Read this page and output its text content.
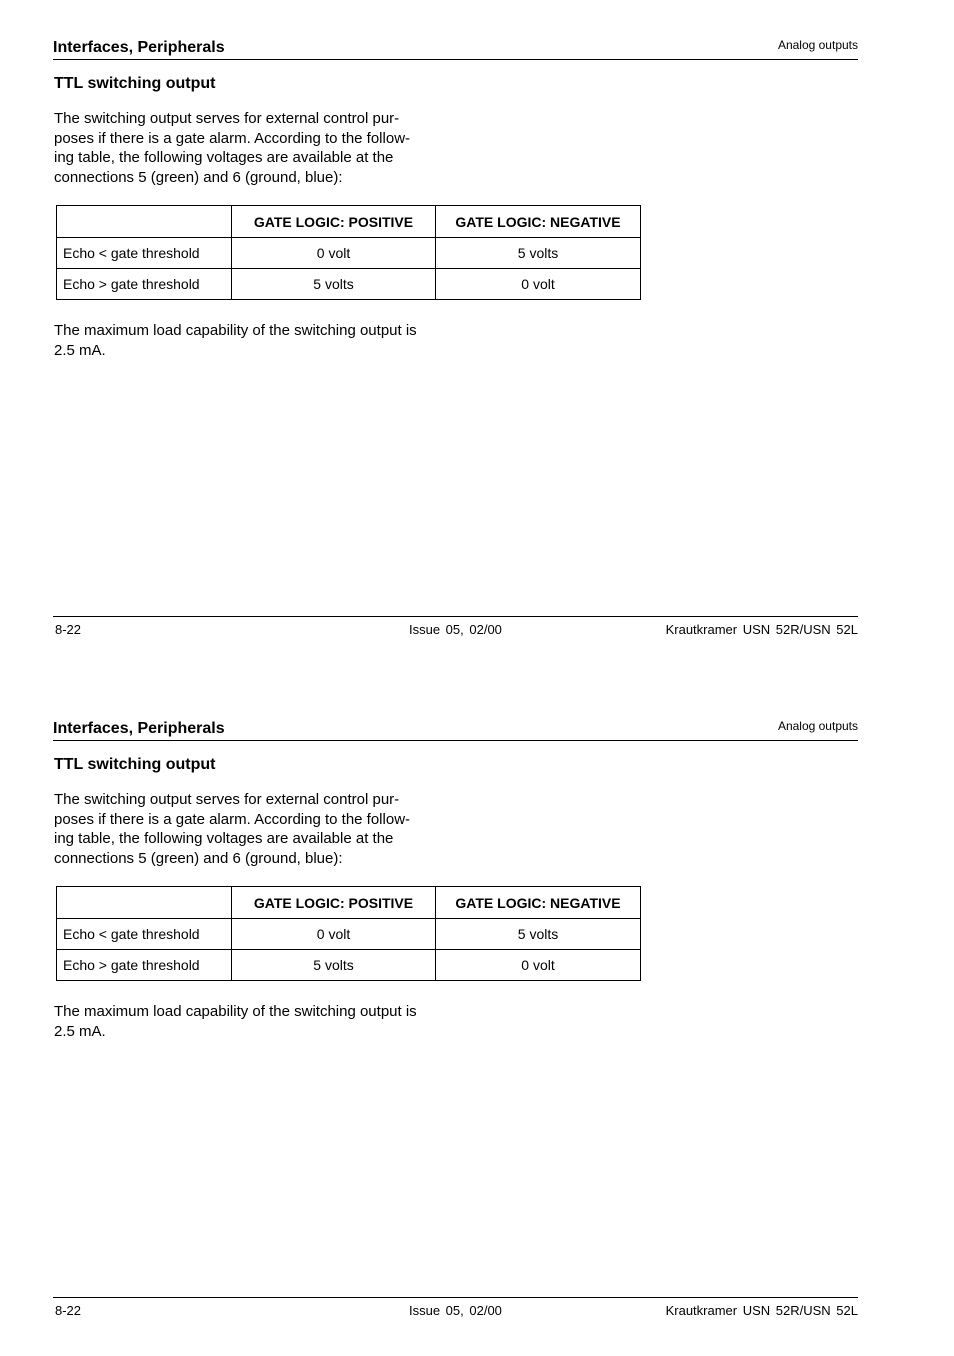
Interfaces, Peripherals	Analog outputs
TTL switching output
The switching output serves for external control pur-
poses if there is a gate alarm. According to the follow-
ing table, the following voltages are available at the
connections 5 (green) and 6 (ground, blue):
	GATE LOGIC: POSITIVE	GATE LOGIC: NEGATIVE
Echo < gate threshold	0 volt	5 volts
Echo > gate threshold	5 volts	0 volt
The maximum load capability of the switching output is
2.5 mA.
8-22	Issue 05, 02/00	Krautkramer USN 52R/USN 52L
Interfaces, Peripherals	Analog outputs
TTL switching output
The switching output serves for external control pur-
poses if there is a gate alarm. According to the follow-
ing table, the following voltages are available at the
connections 5 (green) and 6 (ground, blue):
	GATE LOGIC: POSITIVE	GATE LOGIC: NEGATIVE
Echo < gate threshold	0 volt	5 volts
Echo > gate threshold	5 volts	0 volt
The maximum load capability of the switching output is
2.5 mA.
8-22	Issue 05, 02/00	Krautkramer USN 52R/USN 52L
